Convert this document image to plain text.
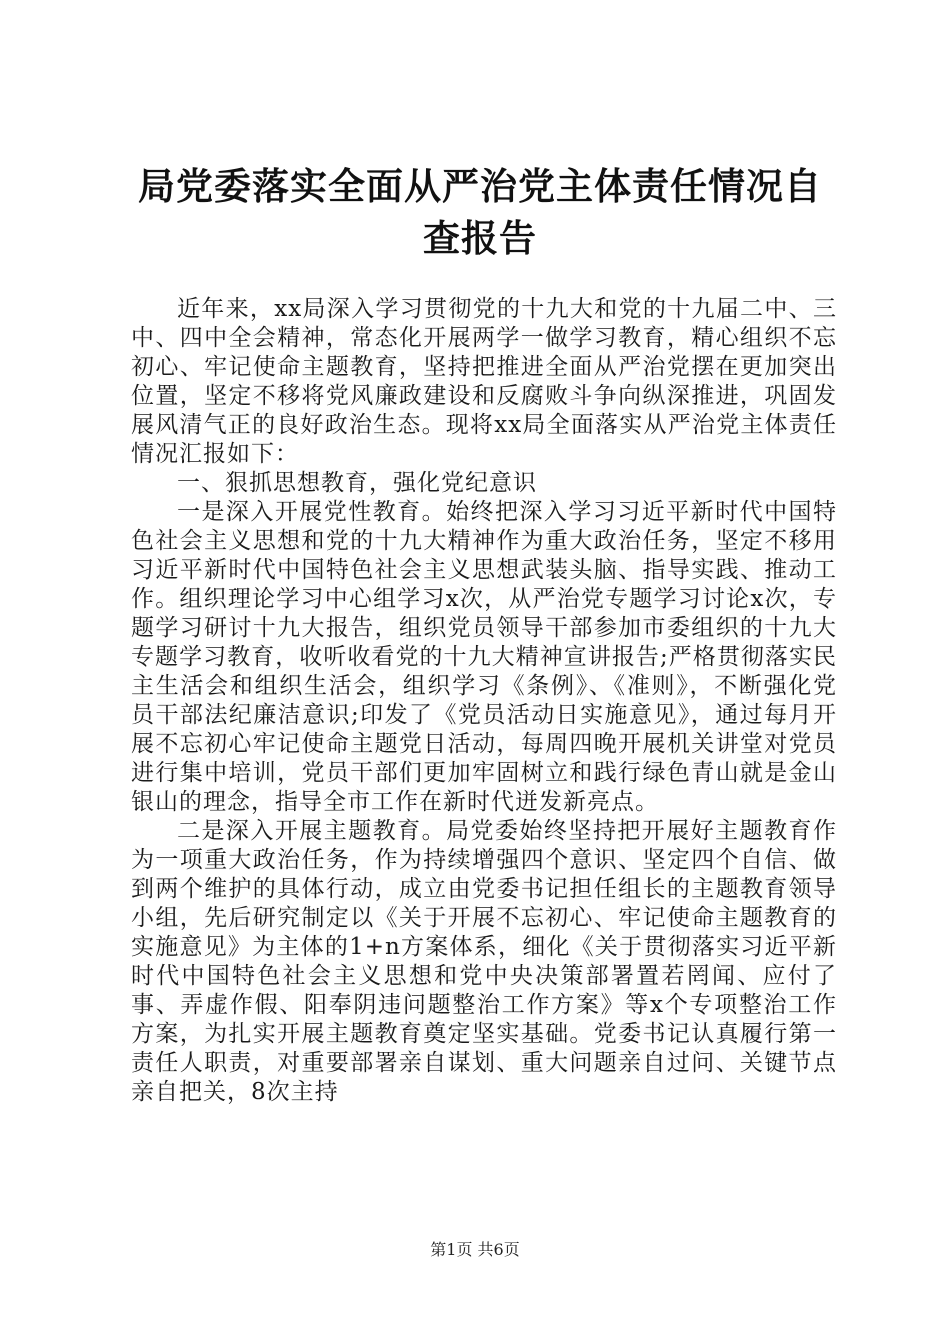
局党委落实全面从严治党主体责任情况自查报告

近年来，xx局深入学习贯彻党的十九大和党的十九届二中、三中、四中全会精神，常态化开展两学一做学习教育，精心组织不忘初心、牢记使命主题教育，坚持把推进全面从严治党摆在更加突出位置，坚定不移将党风廉政建设和反腐败斗争向纵深推进，巩固发展风清气正的良好政治生态。现将xx局全面落实从严治党主体责任情况汇报如下：

一、狠抓思想教育，强化党纪意识

一是深入开展党性教育。始终把深入学习习近平新时代中国特色社会主义思想和党的十九大精神作为重大政治任务，坚定不移用习近平新时代中国特色社会主义思想武装头脑、指导实践、推动工作。组织理论学习中心组学习x次，从严治党专题学习讨论x次，专题学习研讨十九大报告，组织党员领导干部参加市委组织的十九大专题学习教育，收听收看党的十九大精神宣讲报告;严格贯彻落实民主生活会和组织生活会，组织学习《条例》、《准则》，不断强化党员干部法纪廉洁意识;印发了《党员活动日实施意见》，通过每月开展不忘初心牢记使命主题党日活动，每周四晚开展机关讲堂对党员进行集中培训，党员干部们更加牢固树立和践行绿色青山就是金山银山的理念，指导全市工作在新时代迸发新亮点。

二是深入开展主题教育。局党委始终坚持把开展好主题教育作为一项重大政治任务，作为持续增强四个意识、坚定四个自信、做到两个维护的具体行动，成立由党委书记担任组长的主题教育领导小组，先后研究制定以《关于开展不忘初心、牢记使命主题教育的实施意见》为主体的1+n方案体系，细化《关于贯彻落实习近平新时代中国特色社会主义思想和党中央决策部署置若罔闻、应付了事、弄虚作假、阳奉阴违问题整治工作方案》等x个专项整治工作方案，为扎实开展主题教育奠定坚实基础。党委书记认真履行第一责任人职责，对重要部署亲自谋划、重大问题亲自过问、关键节点亲自把关，8次主持

第1页 共6页
